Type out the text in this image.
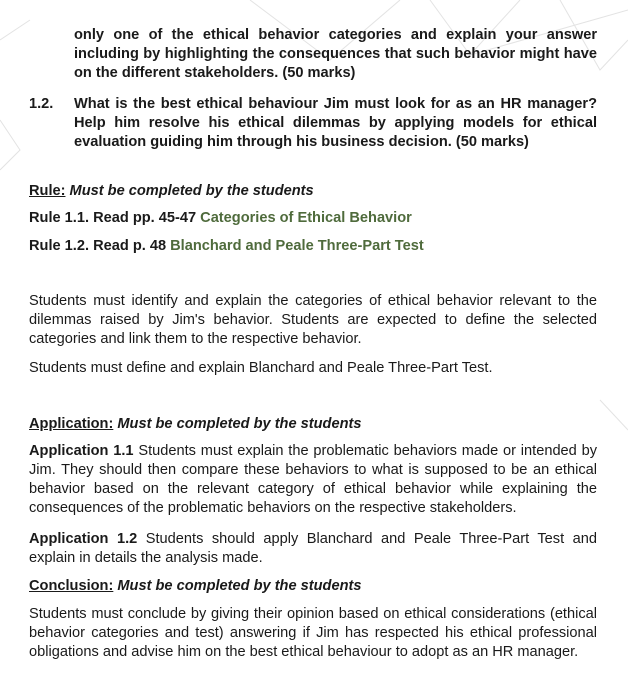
only one of the ethical behavior categories and explain your answer including by highlighting the consequences that such behavior might have on the different stakeholders. (50 marks)

1.2. What is the best ethical behaviour Jim must look for as an HR manager? Help him resolve his ethical dilemmas by applying models for ethical evaluation guiding him through his business decision. (50 marks)

Rule: Must be completed by the students

Rule 1.1. Read pp. 45-47 Categories of Ethical Behavior

Rule 1.2. Read p. 48 Blanchard and Peale Three-Part Test

Students must identify and explain the categories of ethical behavior relevant to the dilemmas raised by Jim's behavior. Students are expected to define the selected categories and link them to the respective behavior.

Students must define and explain Blanchard and Peale Three-Part Test.

Application: Must be completed by the students

Application 1.1 Students must explain the problematic behaviors made or intended by Jim. They should then compare these behaviors to what is supposed to be an ethical behavior based on the relevant category of ethical behavior while explaining the consequences of the problematic behaviors on the respective stakeholders.

Application 1.2 Students should apply Blanchard and Peale Three-Part Test and explain in details the analysis made.

Conclusion: Must be completed by the students

Students must conclude by giving their opinion based on ethical considerations (ethical behavior categories and test) answering if Jim has respected his ethical professional obligations and advise him on the best ethical behaviour to adopt as an HR manager.
